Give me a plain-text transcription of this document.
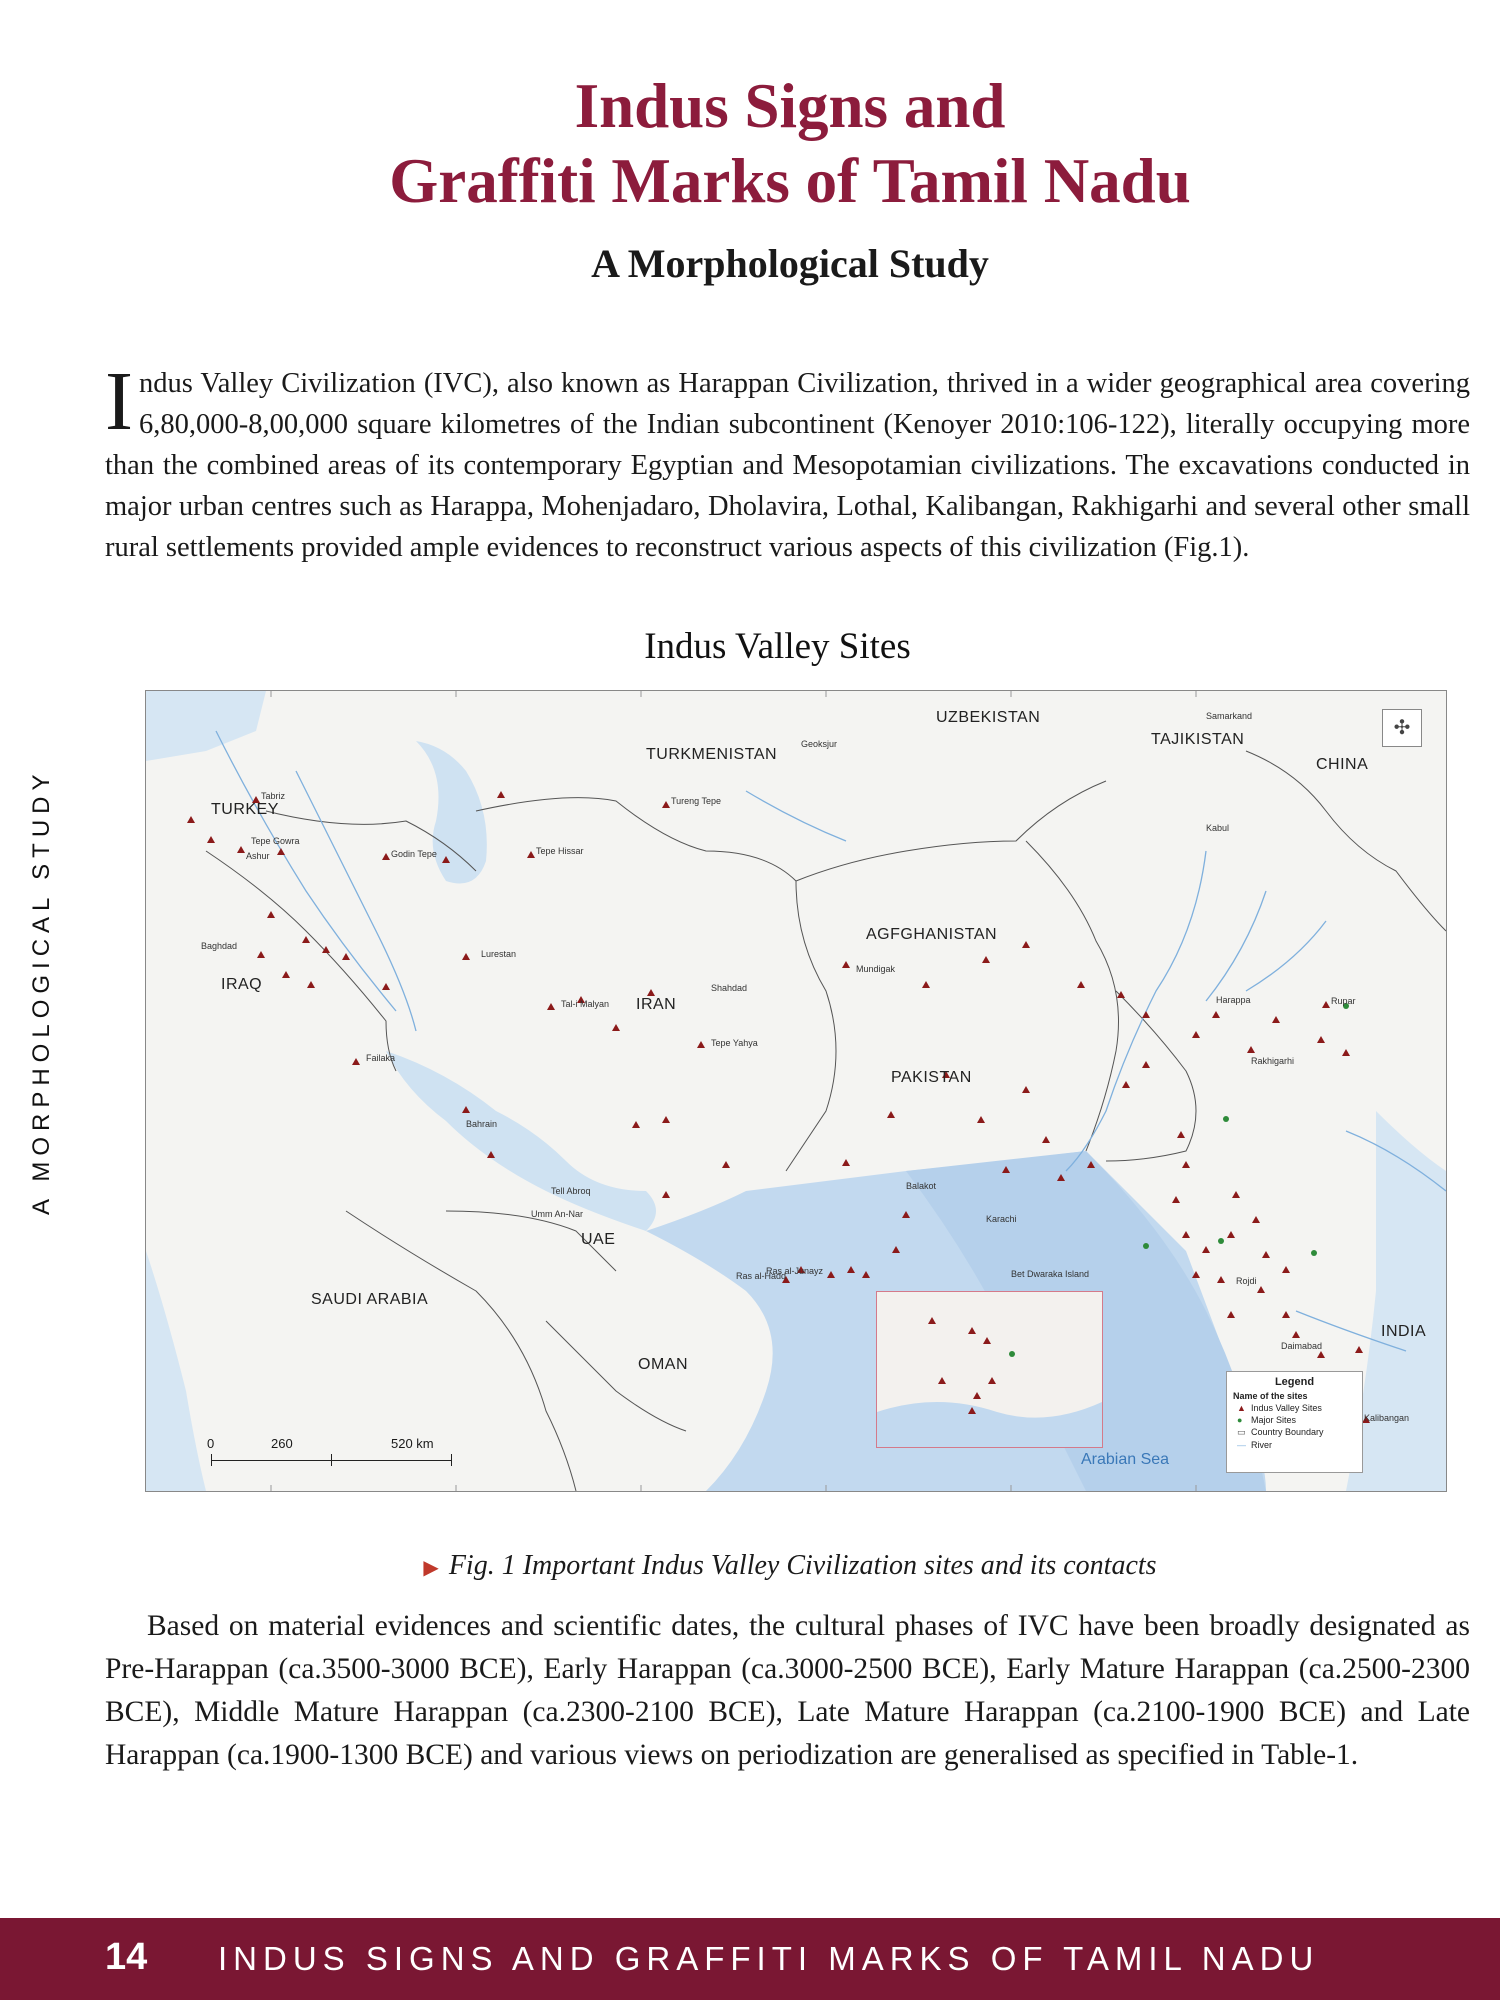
Indus Signs and
Graffiti Marks of Tamil Nadu
A Morphological Study
A MORPHOLOGICAL STUDY
Indus Valley Civilization (IVC), also known as Harappan Civilization, thrived in a wider geographical area covering 6,80,000-8,00,000 square kilometres of the Indian subcontinent (Kenoyer 2010:106-122), literally occupying more than the combined areas of its contemporary Egyptian and Mesopotamian civilizations. The excavations conducted in major urban centres such as Harappa, Mohenjadaro, Dholavira, Lothal, Kalibangan, Rakhigarhi and several other small rural settlements provided ample evidences to reconstruct various aspects of this civilization (Fig.1).
Indus Valley Sites
UZBEKISTAN
TAJIKISTAN
CHINA
TURKMENISTAN
TURKEY
AGFGHANISTAN
IRAN
IRAQ
PAKISTAN
UAE
SAUDI ARABIA
OMAN
INDIA
Arabian Sea
Tabriz
Tepe Gowra
Ashur	Godin Tepe	Tepe Hissar
Tureng Tepe
Geoksjur
Samarkand
Kabul
Baghdad
Lurestan
Tal-i Malyan
Shahdad
Mundigak
Harappa	Rupar
Tepe Yahya
Failaka
Bahrain
Tell Abroq
Umm An-Nar
Ras al-Hadd
Ras al-Junayz
Balakot
Karachi
Rojdi
Bet Dwaraka Island
Daimabad
Kalibangan
Rakhigarhi
✣
0	260	520 km
Legend
Name of the sites
▲ Indus Valley Sites
● Major Sites
▭ Country Boundary
— River
▶ Fig. 1 Important Indus Valley Civilization sites and its contacts
Based on material evidences and scientific dates, the cultural phases of IVC have been broadly designated as Pre-Harappan (ca.3500-3000 BCE), Early Harappan (ca.3000-2500 BCE), Early Mature Harappan (ca.2500-2300 BCE), Middle Mature Harappan (ca.2300-2100 BCE), Late Mature Harappan (ca.2100-1900 BCE) and Late Harappan (ca.1900-1300 BCE) and various views on periodization are generalised as specified in Table-1.
14 INDUS SIGNS AND GRAFFITI MARKS OF TAMIL NADU
